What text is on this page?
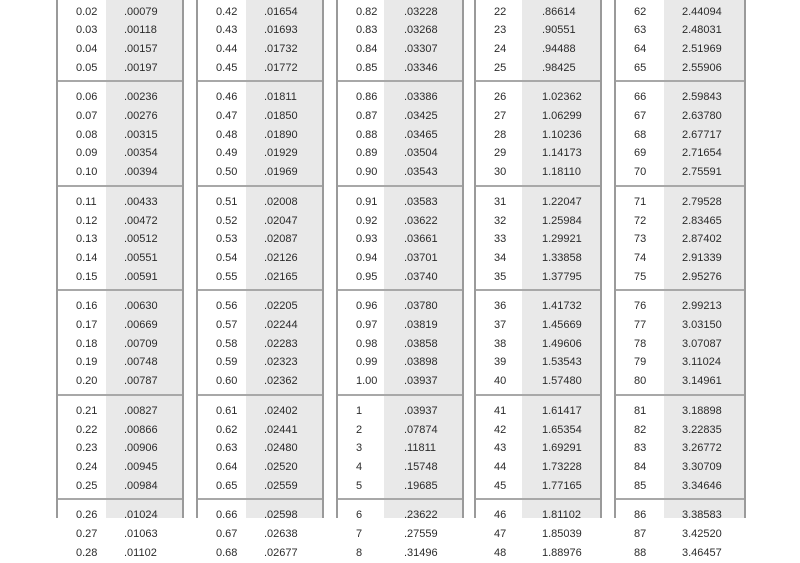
0.02 .00079
0.03 .00118
0.04 .00157
0.05 .00197
0.06 .00236
0.07 .00276
0.08 .00315
0.09 .00354
0.10 .00394
0.11 .00433
0.12 .00472
0.13 .00512
0.14 .00551
0.15 .00591
0.16 .00630
0.17 .00669
0.18 .00709
0.19 .00748
0.20 .00787
0.21 .00827
0.22 .00866
0.23 .00906
0.24 .00945
0.25 .00984
0.26 .01024
0.27 .01063
0.28 .01102
0.42 .01654
0.43 .01693
0.44 .01732
0.45 .01772
0.46 .01811
0.47 .01850
0.48 .01890
0.49 .01929
0.50 .01969
0.51 .02008
0.52 .02047
0.53 .02087
0.54 .02126
0.55 .02165
0.56 .02205
0.57 .02244
0.58 .02283
0.59 .02323
0.60 .02362
0.61 .02402
0.62 .02441
0.63 .02480
0.64 .02520
0.65 .02559
0.66 .02598
0.67 .02638
0.68 .02677
0.82 .03228
0.83 .03268
0.84 .03307
0.85 .03346
0.86 .03386
0.87 .03425
0.88 .03465
0.89 .03504
0.90 .03543
0.91 .03583
0.92 .03622
0.93 .03661
0.94 .03701
0.95 .03740
0.96 .03780
0.97 .03819
0.98 .03858
0.99 .03898
1.00 .03937
1	.03937
2	.07874
3	.11811
4	.15748
5	.19685
6	.23622
7	.27559
8	.31496
22	.86614
23	.90551
24	.94488
25	.98425
26	1.02362
27	1.06299
28	1.10236
29	1.14173
30	1.18110
31	1.22047
32	1.25984
33	1.29921
34	1.33858
35	1.37795
36	1.41732
37	1.45669
38	1.49606
39	1.53543
40	1.57480
41	1.61417
42	1.65354
43	1.69291
44	1.73228
45	1.77165
46	1.81102
47	1.85039
48	1.88976
62	2.44094
63	2.48031
64	2.51969
65	2.55906
66	2.59843
67	2.63780
68	2.67717
69	2.71654
70	2.75591
71	2.79528
72	2.83465
73	2.87402
74	2.91339
75	2.95276
76	2.99213
77	3.03150
78	3.07087
79	3.11024
80	3.14961
81	3.18898
82	3.22835
83	3.26772
84	3.30709
85	3.34646
86	3.38583
87	3.42520
88	3.46457
